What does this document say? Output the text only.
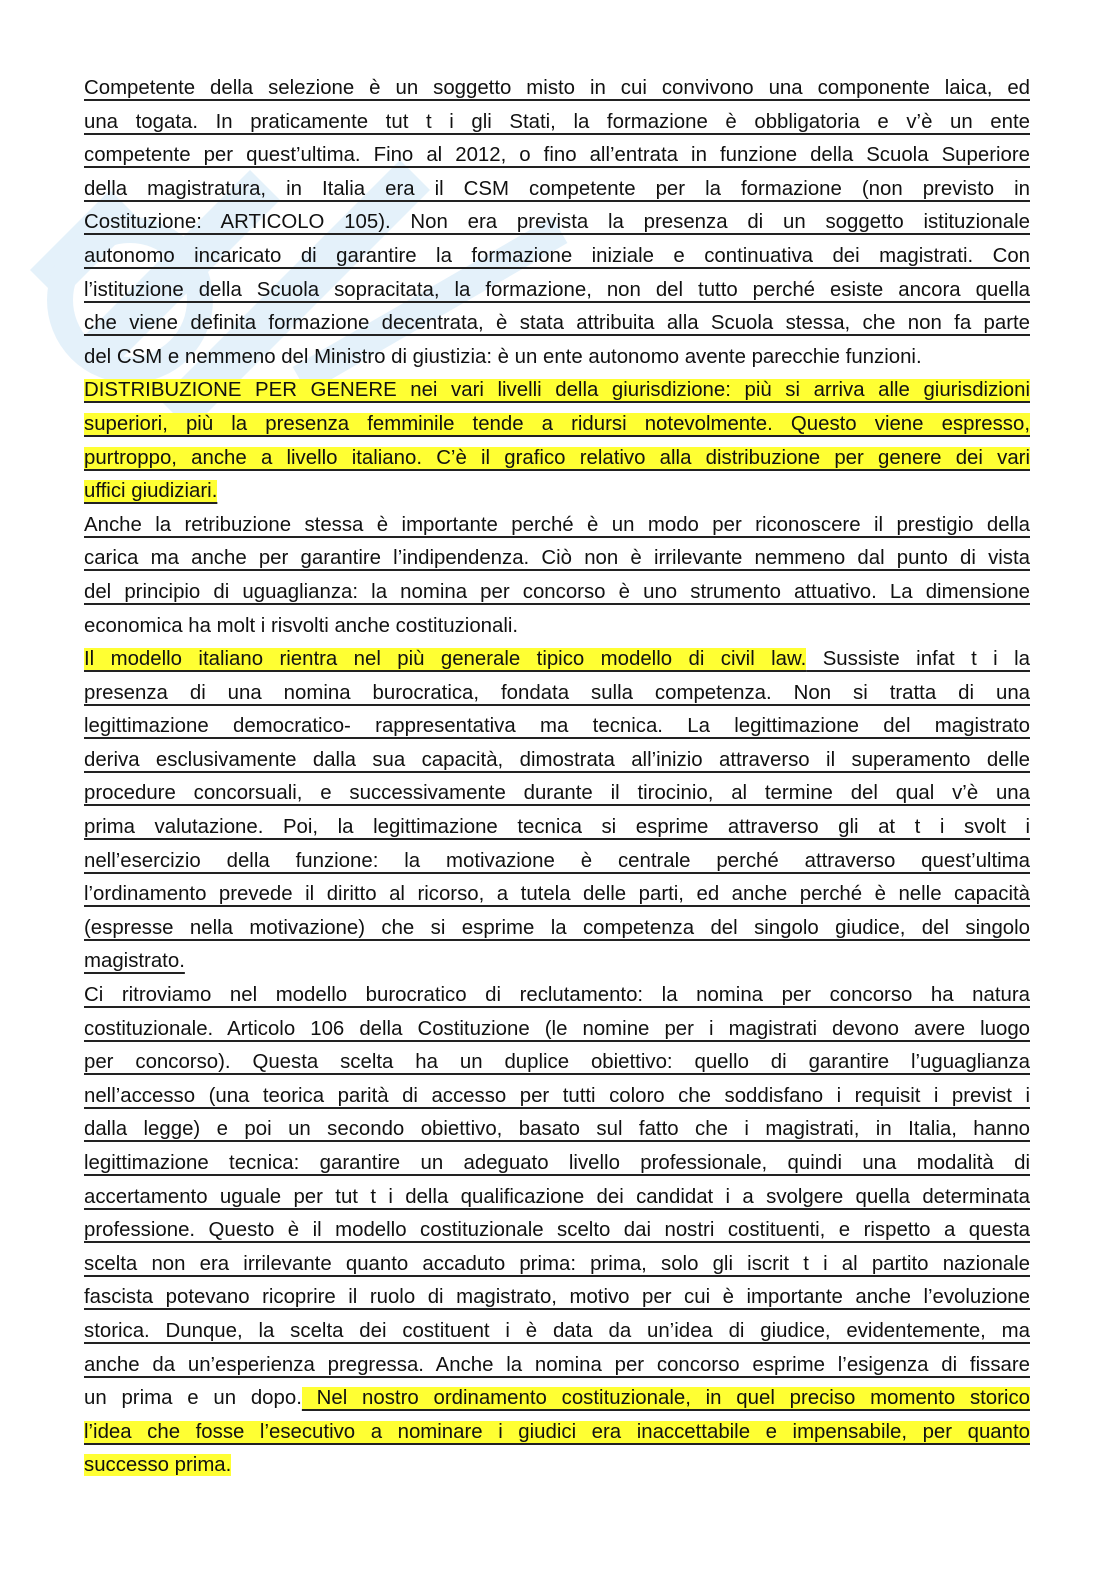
Competente della selezione è un soggetto misto in cui convivono una componente laica, ed
una togata. In praticamente tut t i gli Stati, la formazione è obbligatoria e v’è un ente
competente per quest’ultima. Fino al 2012, o fino all’entrata in funzione della Scuola Superiore
della magistratura, in Italia era il CSM competente per la formazione (non previsto in
Costituzione: ARTICOLO 105). Non era prevista la presenza di un soggetto istituzionale
autonomo incaricato di garantire la formazione iniziale e continuativa dei magistrati. Con
l’istituzione della Scuola sopracitata, la formazione, non del tutto perché esiste ancora quella
che viene definita formazione decentrata, è stata attribuita alla Scuola stessa, che non fa parte

del CSM e nemmeno del Ministro di giustizia: è un ente autonomo avente parecchie funzioni.

DISTRIBUZIONE PER GENERE nei vari livelli della giurisdizione: più si arriva alle giurisdizioni
superiori, più la presenza femminile tende a ridursi notevolmente. Questo viene espresso,
purtroppo, anche a livello italiano. C’è il grafico relativo alla distribuzione per genere dei vari

uffici giudiziari.

Anche la retribuzione stessa è importante perché è un modo per riconoscere il prestigio della
carica ma anche per garantire l’indipendenza. Ciò non è irrilevante nemmeno dal punto di vista
del principio di uguaglianza: la nomina per concorso è uno strumento attuativo. La dimensione

economica ha molt i risvolti anche costituzionali.

Il modello italiano rientra nel più generale tipico modello di civil law. Sussiste infat t i la
presenza di una nomina burocratica, fondata sulla competenza. Non si tratta di una
legittimazione democratico- rappresentativa ma tecnica. La legittimazione del magistrato
deriva esclusivamente dalla sua capacità, dimostrata all’inizio attraverso il superamento delle
procedure concorsuali, e successivamente durante il tirocinio, al termine del qual v’è una
prima valutazione. Poi, la legittimazione tecnica si esprime attraverso gli at t i svolt i
nell’esercizio della funzione: la motivazione è centrale perché attraverso quest’ultima
l’ordinamento prevede il diritto al ricorso, a tutela delle parti, ed anche perché è nelle capacità
(espresse nella motivazione) che si esprime la competenza del singolo giudice, del singolo

magistrato.

Ci ritroviamo nel modello burocratico di reclutamento: la nomina per concorso ha natura
costituzionale. Articolo 106 della Costituzione (le nomine per i magistrati devono avere luogo
per concorso). Questa scelta ha un duplice obiettivo: quello di garantire l’uguaglianza
nell’accesso (una teorica parità di accesso per tutti coloro che soddisfano i requisit i previst i
dalla legge) e poi un secondo obiettivo, basato sul fatto che i magistrati, in Italia, hanno
legittimazione tecnica: garantire un adeguato livello professionale, quindi una modalità di
accertamento uguale per tut t i della qualificazione dei candidat i a svolgere quella determinata
professione. Questo è il modello costituzionale scelto dai nostri costituenti, e rispetto a questa
scelta non era irrilevante quanto accaduto prima: prima, solo gli iscrit t i al partito nazionale
fascista potevano ricoprire il ruolo di magistrato, motivo per cui è importante anche l’evoluzione
storica. Dunque, la scelta dei costituent i è data da un’idea di giudice, evidentemente, ma
anche da un’esperienza pregressa. Anche la nomina per concorso esprime l’esigenza di fissare
un prima e un dopo. Nel nostro ordinamento costituzionale, in quel preciso momento storico
l’idea che fosse l’esecutivo a nominare i giudici era inaccettabile e impensabile, per quanto

successo prima.
